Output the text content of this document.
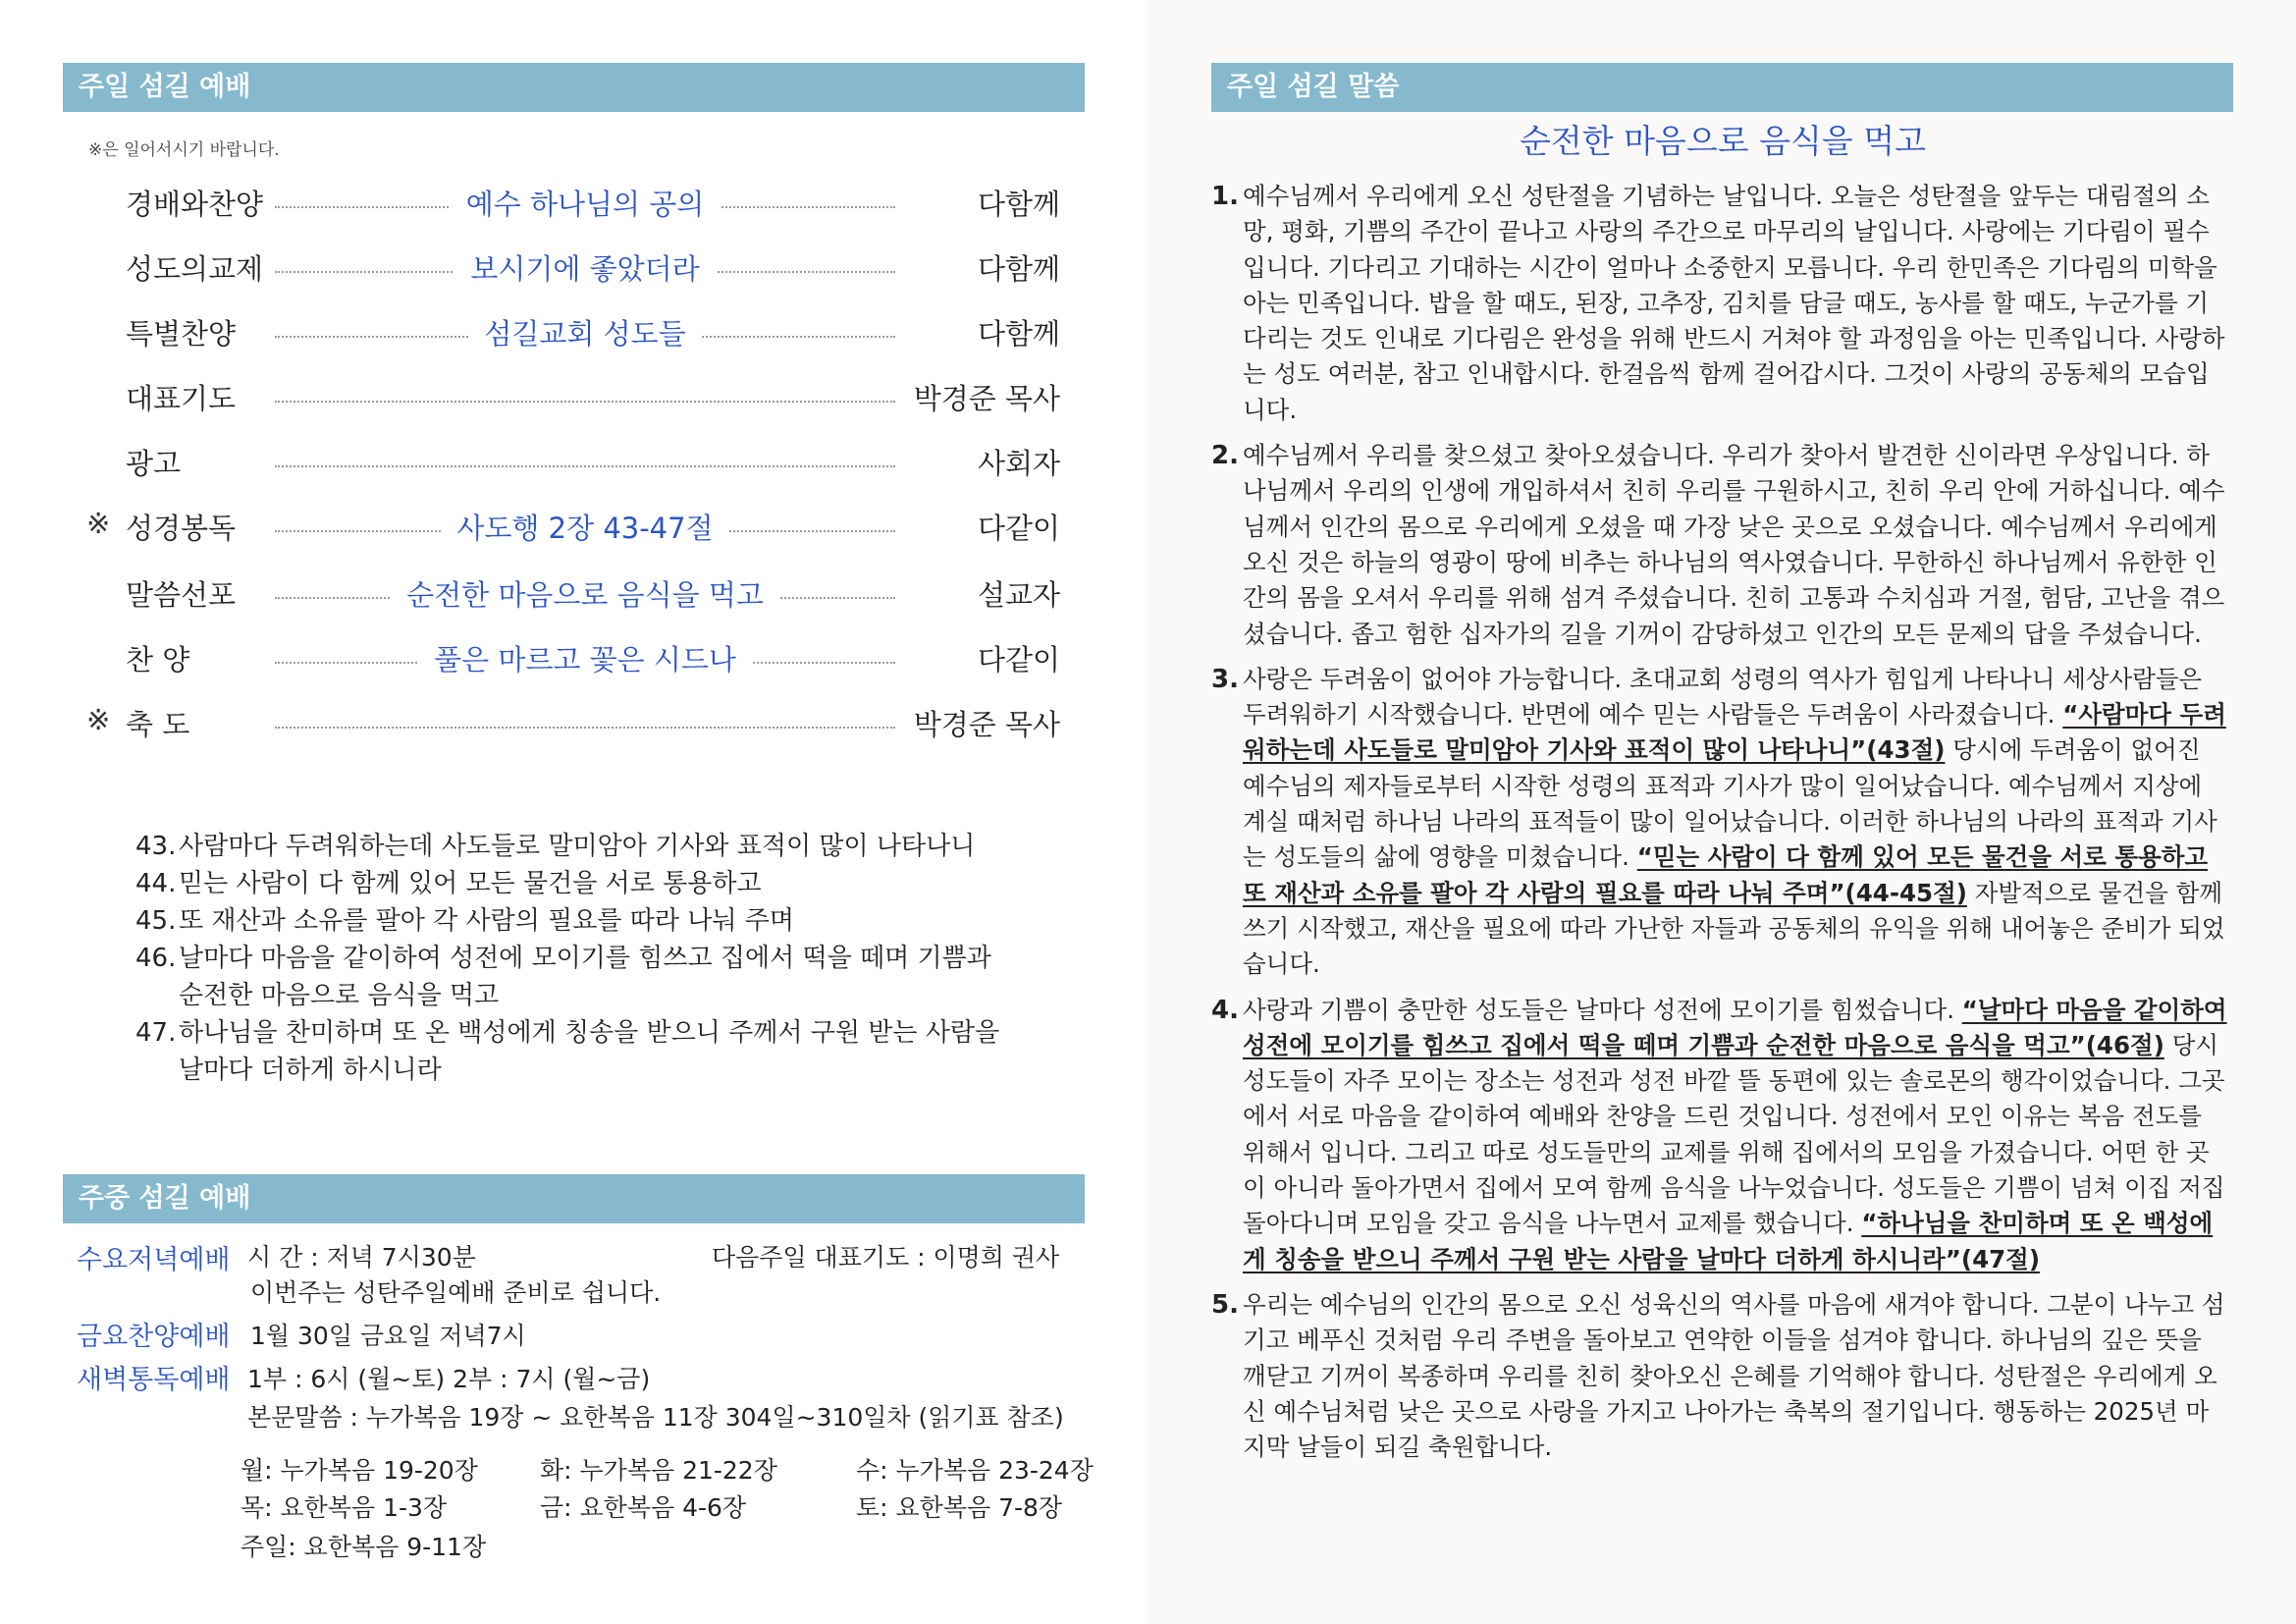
주일 섬길 예배
※은 일어서시기 바랍니다.
경배와찬양	예수 하나님의 공의	다함께
성도의교제	보시기에 좋았더라	다함께
특별찬양	섬길교회 성도들	다함께
대표기도	박경준 목사
광고	사회자
※ 성경봉독	사도행 2장 43-47절	다같이
말씀선포	순전한 마음으로 음식을 먹고	설교자
찬 양	풀은 마르고 꽃은 시드나	다같이
※ 축 도	박경준 목사
43. 사람마다 두려워하는데 사도들로 말미암아 기사와 표적이 많이 나타나니
44. 믿는 사람이 다 함께 있어 모든 물건을 서로 통용하고
45. 또 재산과 소유를 팔아 각 사람의 필요를 따라 나눠 주며
46. 날마다 마음을 같이하여 성전에 모이기를 힘쓰고 집에서 떡을 떼며 기쁨과 순전한 마음으로 음식을 먹고
47. 하나님을 찬미하며 또 온 백성에게 칭송을 받으니 주께서 구원 받는 사람을 날마다 더하게 하시니라
주중 섬길 예배
수요저녁예배 시 간 : 저녁 7시30분	다음주일 대표기도 : 이명희 권사
이번주는 성탄주일예배 준비로 쉽니다.
금요찬양예배 1월 30일 금요일 저녁7시
새벽통독예배 1부 : 6시 (월~토) 2부 : 7시 (월~금)
본문말씀 : 누가복음 19장 ~ 요한복음 11장 304일~310일차 (읽기표 참조)
월: 누가복음 19-20장	화: 누가복음 21-22장	수: 누가복음 23-24장
목: 요한복음 1-3장	금: 요한복음 4-6장	토: 요한복음 7-8장
주일: 요한복음 9-11장
주일 섬길 말씀
순전한 마음으로 음식을 먹고
1. 예수님께서 우리에게 오신 성탄절을 기념하는 날입니다. 오늘은 성탄절을 앞두는 대림절의 소망, 평화, 기쁨의 주간이 끝나고 사랑의 주간으로 마무리의 날입니다. 사랑에는 기다림이 필수입니다. 기다리고 기대하는 시간이 얼마나 소중한지 모릅니다. 우리 한민족은 기다림의 미학을 아는 민족입니다. 밥을 할 때도, 된장, 고추장, 김치를 담글 때도, 농사를 할 때도, 누군가를 기다리는 것도 인내로 기다림은 완성을 위해 반드시 거쳐야 할 과정임을 아는 민족입니다. 사랑하는 성도 여러분, 참고 인내합시다. 한걸음씩 함께 걸어갑시다. 그것이 사랑의 공동체의 모습입니다.
2. 예수님께서 우리를 찾으셨고 찾아오셨습니다. 우리가 찾아서 발견한 신이라면 우상입니다. 하나님께서 우리의 인생에 개입하셔서 친히 우리를 구원하시고, 친히 우리 안에 거하십니다. 예수님께서 인간의 몸으로 우리에게 오셨을 때 가장 낮은 곳으로 오셨습니다. 예수님께서 우리에게 오신 것은 하늘의 영광이 땅에 비추는 하나님의 역사였습니다. 무한하신 하나님께서 유한한 인간의 몸을 오셔서 우리를 위해 섬겨 주셨습니다. 친히 고통과 수치심과 거절, 험담, 고난을 겪으셨습니다. 좁고 험한 십자가의 길을 기꺼이 감당하셨고 인간의 모든 문제의 답을 주셨습니다.
3. 사랑은 두려움이 없어야 가능합니다. 초대교회 성령의 역사가 힘입게 나타나니 세상사람들은 두려워하기 시작했습니다. 반면에 예수 믿는 사람들은 두려움이 사라졌습니다. “사람마다 두려워하는데 사도들로 말미암아 기사와 표적이 많이 나타나니”(43절) 당시에 두려움이 없어진 예수님의 제자들로부터 시작한 성령의 표적과 기사가 많이 일어났습니다. 예수님께서 지상에 계실 때처럼 하나님 나라의 표적들이 많이 일어났습니다. 이러한 하나님의 나라의 표적과 기사는 성도들의 삶에 영향을 미쳤습니다. “믿는 사람이 다 함께 있어 모든 물건을 서로 통용하고 또 재산과 소유를 팔아 각 사람의 필요를 따라 나눠 주며”(44-45절) 자발적으로 물건을 함께 쓰기 시작했고, 재산을 필요에 따라 가난한 자들과 공동체의 유익을 위해 내어놓은 준비가 되었습니다.
4. 사랑과 기쁨이 충만한 성도들은 날마다 성전에 모이기를 힘썼습니다. “날마다 마음을 같이하여 성전에 모이기를 힘쓰고 집에서 떡을 떼며 기쁨과 순전한 마음으로 음식을 먹고”(46절) 당시 성도들이 자주 모이는 장소는 성전과 성전 바깥 뜰 동편에 있는 솔로몬의 행각이었습니다. 그곳에서 서로 마음을 같이하여 예배와 찬양을 드린 것입니다. 성전에서 모인 이유는 복음 전도를 위해서 입니다. 그리고 따로 성도들만의 교제를 위해 집에서의 모임을 가졌습니다. 어떤 한 곳이 아니라 돌아가면서 집에서 모여 함께 음식을 나누었습니다. 성도들은 기쁨이 넘쳐 이집 저집 돌아다니며 모임을 갖고 음식을 나누면서 교제를 했습니다. “하나님을 찬미하며 또 온 백성에게 칭송을 받으니 주께서 구원 받는 사람을 날마다 더하게 하시니라”(47절)
5. 우리는 예수님의 인간의 몸으로 오신 성육신의 역사를 마음에 새겨야 합니다. 그분이 나누고 섬기고 베푸신 것처럼 우리 주변을 돌아보고 연약한 이들을 섬겨야 합니다. 하나님의 깊은 뜻을 깨닫고 기꺼이 복종하며 우리를 친히 찾아오신 은혜를 기억해야 합니다. 성탄절은 우리에게 오신 예수님처럼 낮은 곳으로 사랑을 가지고 나아가는 축복의 절기입니다. 행동하는 2025년 마지막 날들이 되길 축원합니다.
